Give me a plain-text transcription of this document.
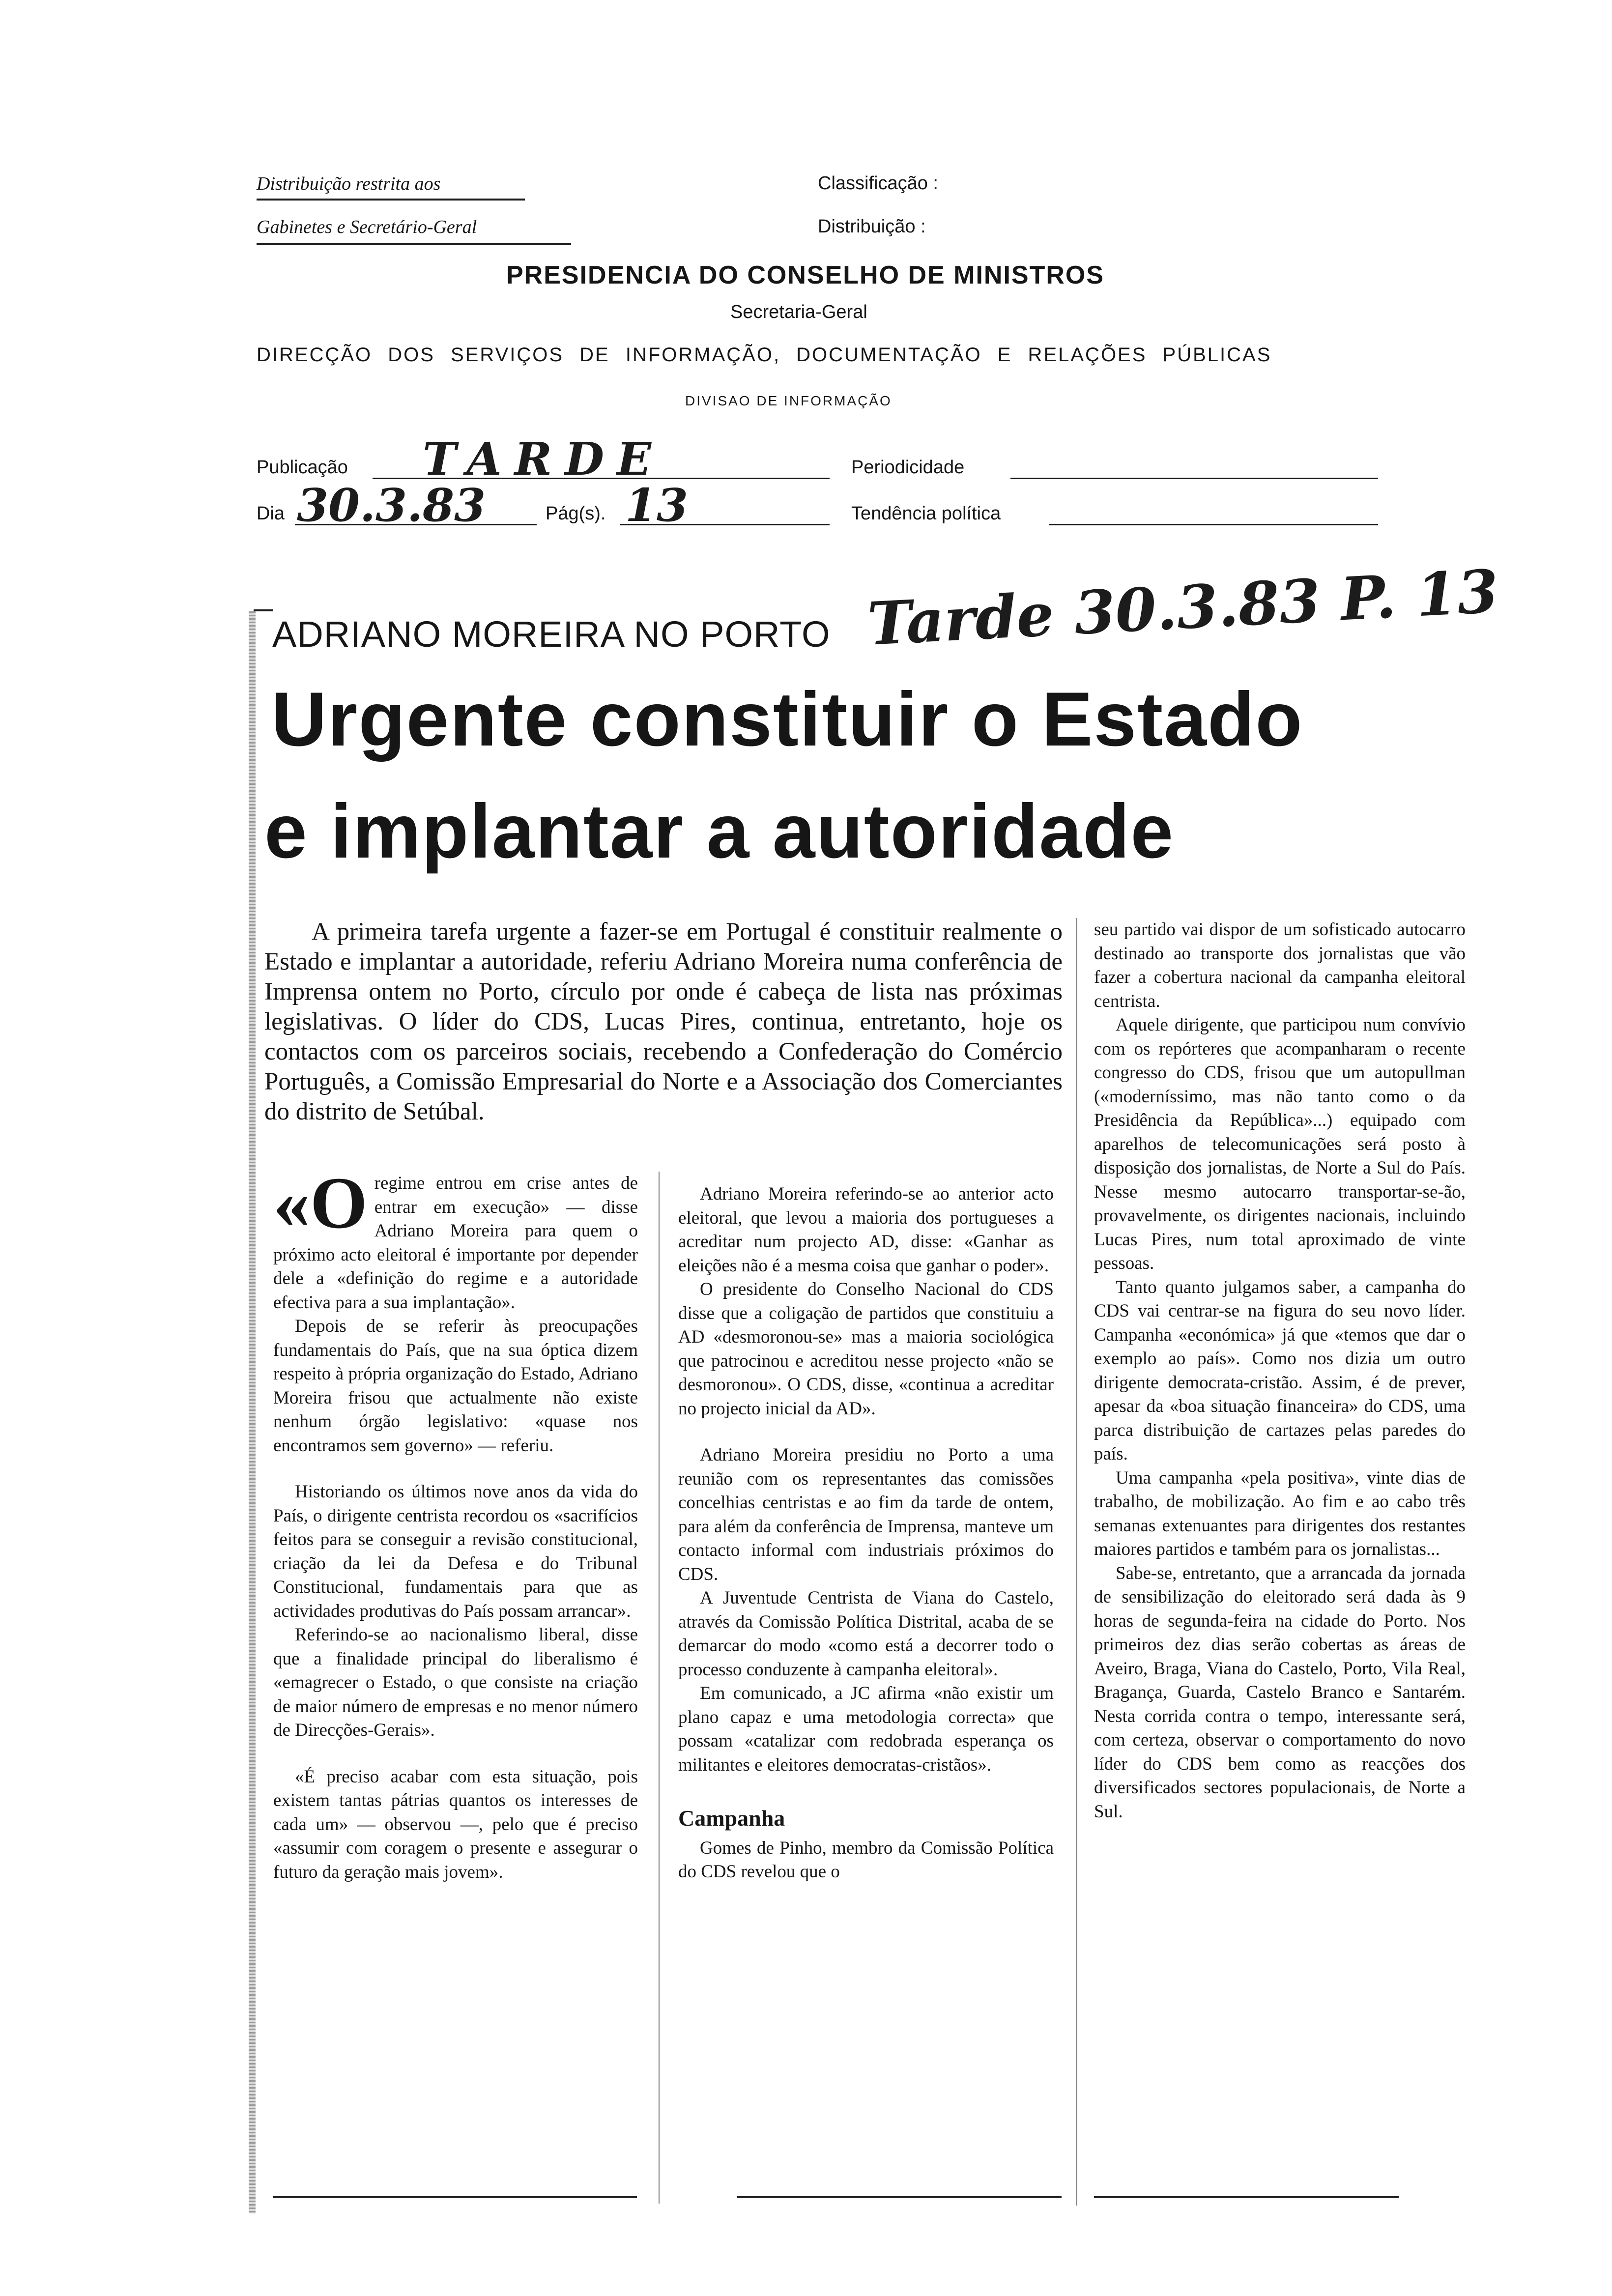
Distribuição restrita aos
Gabinetes e Secretário-Geral
Classificação :
Distribuição :
PRESIDENCIA DO CONSELHO DE MINISTROS
Secretaria-Geral
DIRECÇÃO DOS SERVIÇOS DE INFORMAÇÃO, DOCUMENTAÇÃO E RELAÇÕES PÚBLICAS
DIVISAO DE INFORMAÇÃO
Publicação TARDE	Periodicidade
Dia 30.3.83	Pág(s). 13	Tendência política
ADRIANO MOREIRA NO PORTO Tarde 30.3.83 P. 13
Urgente constituir o Estado
e implantar a autoridade
A primeira tarefa urgente a fazer-se em Portugal é constituir realmente o Estado e implantar a autoridade, referiu Adriano Moreira numa conferência de Imprensa ontem no Porto, círculo por onde é cabeça de lista nas próximas legislativas. O líder do CDS, Lucas Pires, continua, entretanto, hoje os contactos com os parceiros sociais, recebendo a Confederação do Comércio Português, a Comissão Empresarial do Norte e a Associação dos Comerciantes do distrito de Setúbal.

«Oregime entrou em crise antes de entrar em execução» — disse Adriano Moreira para quem o próximo acto eleitoral é importante por depender dele a «definição do regime e a autoridade efectiva para a sua implantação».

Depois de se referir às preocupações fundamentais do País, que na sua óptica dizem respeito à própria organização do Estado, Adriano Moreira frisou que actualmente não existe nenhum órgão legislativo: «quase nos encontramos sem governo» — referiu.

Historiando os últimos nove anos da vida do País, o dirigente centrista recordou os «sacrifícios feitos para se conseguir a revisão constitucional, criação da lei da Defesa e do Tribunal Constitucional, fundamentais para que as actividades produtivas do País possam arrancar».

Referindo-se ao nacionalismo liberal, disse que a finalidade principal do liberalismo é «emagrecer o Estado, o que consiste na criação de maior número de empresas e no menor número de Direcções-Gerais».

«É preciso acabar com esta situação, pois existem tantas pátrias quantos os interesses de cada um» — observou —, pelo que é preciso «assumir com coragem o presente e assegurar o futuro da geração mais jovem».

Adriano Moreira referindo-se ao anterior acto eleitoral, que levou a maioria dos portugueses a acreditar num projecto AD, disse: «Ganhar as eleições não é a mesma coisa que ganhar o poder».

O presidente do Conselho Nacional do CDS disse que a coligação de partidos que constituiu a AD «desmoronou-se» mas a maioria sociológica que patrocinou e acreditou nesse projecto «não se desmoronou». O CDS, disse, «continua a acreditar no projecto inicial da AD».

Adriano Moreira presidiu no Porto a uma reunião com os representantes das comissões concelhias centristas e ao fim da tarde de ontem, para além da conferência de Imprensa, manteve um contacto informal com industriais próximos do CDS.

A Juventude Centrista de Viana do Castelo, através da Comissão Política Distrital, acaba de se demarcar do modo «como está a decorrer todo o processo conduzente à campanha eleitoral».

Em comunicado, a JC afirma «não existir um plano capaz e uma metodologia correcta» que possam «catalizar com redobrada esperança os militantes e eleitores democratas-cristãos».

Campanha

Gomes de Pinho, membro da Comissão Política do CDS revelou que o

seu partido vai dispor de um sofisticado autocarro destinado ao transporte dos jornalistas que vão fazer a cobertura nacional da campanha eleitoral centrista.

Aquele dirigente, que participou num convívio com os repórteres que acompanharam o recente congresso do CDS, frisou que um autopullman («moderníssimo, mas não tanto como o da Presidência da República»...) equipado com aparelhos de telecomunicações será posto à disposição dos jornalistas, de Norte a Sul do País. Nesse mesmo autocarro transportar-se-ão, provavelmente, os dirigentes nacionais, incluindo Lucas Pires, num total aproximado de vinte pessoas.

Tanto quanto julgamos saber, a campanha do CDS vai centrar-se na figura do seu novo líder. Campanha «económica» já que «temos que dar o exemplo ao país». Como nos dizia um outro dirigente democrata-cristão. Assim, é de prever, apesar da «boa situação financeira» do CDS, uma parca distribuição de cartazes pelas paredes do país.

Uma campanha «pela positiva», vinte dias de trabalho, de mobilização. Ao fim e ao cabo três semanas extenuantes para dirigentes dos restantes maiores partidos e também para os jornalistas...

Sabe-se, entretanto, que a arrancada da jornada de sensibilização do eleitorado será dada às 9 horas de segunda-feira na cidade do Porto. Nos primeiros dez dias serão cobertas as áreas de Aveiro, Braga, Viana do Castelo, Porto, Vila Real, Bragança, Guarda, Castelo Branco e Santarém. Nesta corrida contra o tempo, interessante será, com certeza, observar o comportamento do novo líder do CDS bem como as reacções dos diversificados sectores populacionais, de Norte a Sul.
